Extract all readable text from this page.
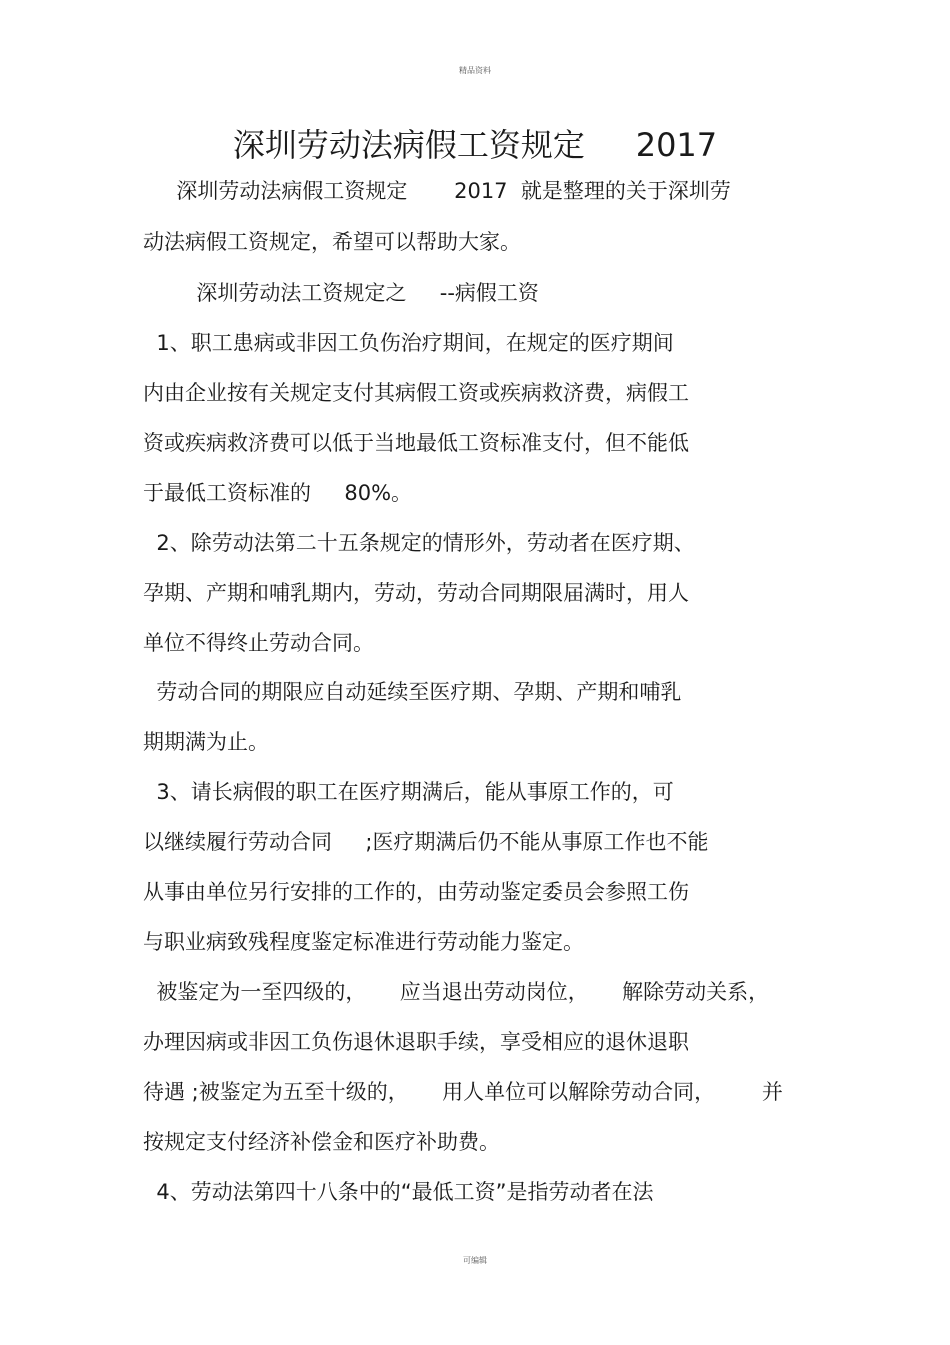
精品资料
深圳劳动法病假工资规定     2017
深圳劳动法病假工资规定       2017  就是整理的关于深圳劳
动法病假工资规定，希望可以帮助大家。
深圳劳动法工资规定之     --病假工资
1、职工患病或非因工负伤治疗期间，在规定的医疗期间
内由企业按有关规定支付其病假工资或疾病救济费，病假工
资或疾病救济费可以低于当地最低工资标准支付，但不能低
于最低工资标准的     80%。
2、除劳动法第二十五条规定的情形外，劳动者在医疗期、
孕期、产期和哺乳期内，劳动，劳动合同期限届满时，用人
单位不得终止劳动合同。
劳动合同的期限应自动延续至医疗期、孕期、产期和哺乳
期期满为止。
3、请长病假的职工在医疗期满后，能从事原工作的，可
以继续履行劳动合同     ;医疗期满后仍不能从事原工作也不能
从事由单位另行安排的工作的，由劳动鉴定委员会参照工伤
与职业病致残程度鉴定标准进行劳动能力鉴定。
被鉴定为一至四级的，     应当退出劳动岗位，     解除劳动关系，
办理因病或非因工负伤退休退职手续，享受相应的退休退职
待遇 ;被鉴定为五至十级的，     用人单位可以解除劳动合同，       并
按规定支付经济补偿金和医疗补助费。
4、劳动法第四十八条中的“最低工资”是指劳动者在法
可编辑
